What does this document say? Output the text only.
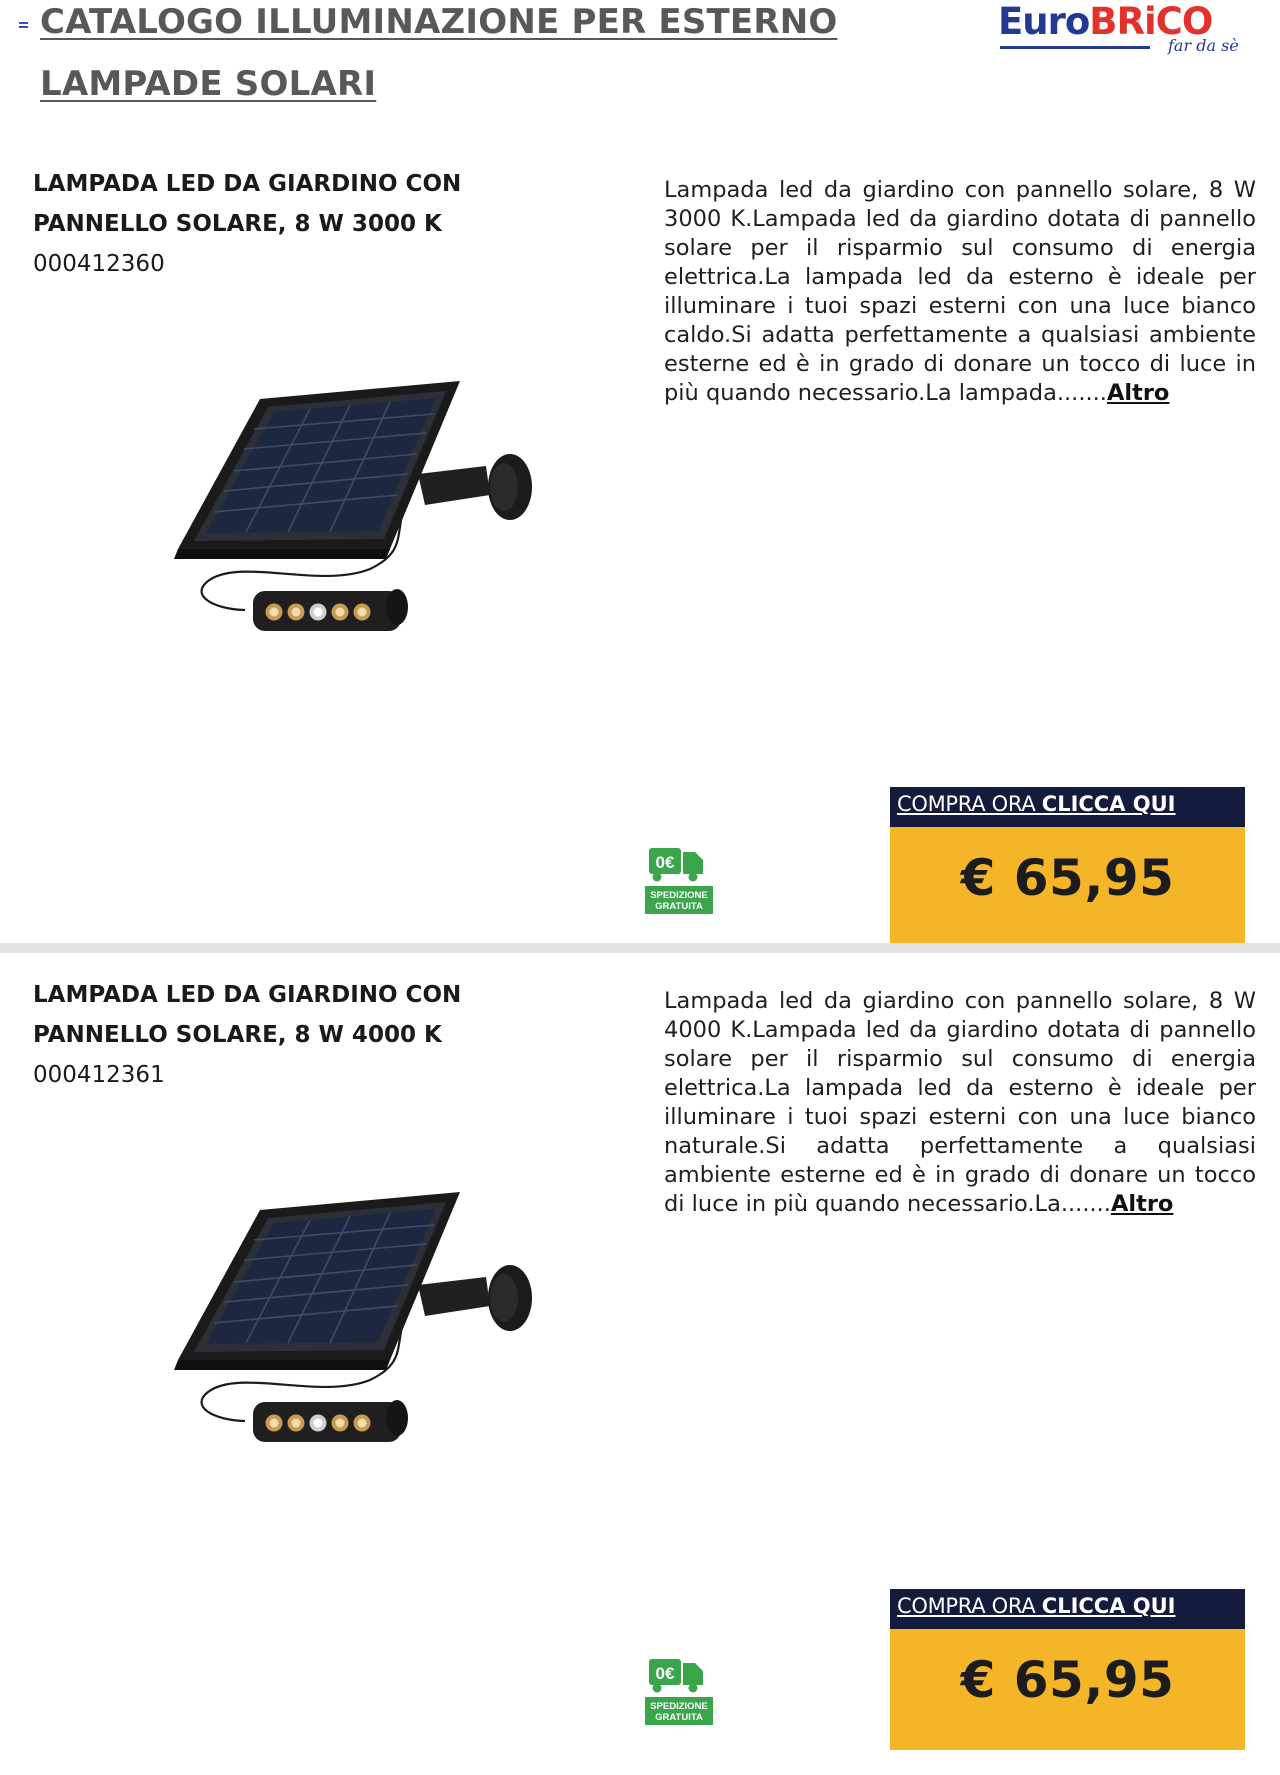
CATALOGO ILLUMINAZIONE PER ESTERNO
LAMPADE SOLARI
EuroBRiCO
far da sè
LAMPADA LED DA GIARDINO CON PANNELLO SOLARE, 8 W 3000 K
000412360

Lampada led da giardino con pannello solare, 8 W 3000 K.Lampada led da giardino dotata di pannello solare per il risparmio sul consumo di energia elettrica.La lampada led da esterno è ideale per illuminare i tuoi spazi esterni con una luce bianco caldo.Si adatta perfettamente a qualsiasi ambiente esterne ed è in grado di donare un tocco di luce in più quando necessario.La lampada.......Altro

0€
SPEDIZIONE
GRATUITA
COMPRA ORA CLICCA QUI
€ 65,95
LAMPADA LED DA GIARDINO CON PANNELLO SOLARE, 8 W 4000 K
000412361

Lampada led da giardino con pannello solare, 8 W 4000 K.Lampada led da giardino dotata di pannello solare per il risparmio sul consumo di energia elettrica.La lampada led da esterno è ideale per illuminare i tuoi spazi esterni con una luce bianco naturale.Si adatta perfettamente a qualsiasi ambiente esterne ed è in grado di donare un tocco di luce in più quando necessario.La.......Altro

0€
SPEDIZIONE
GRATUITA
COMPRA ORA CLICCA QUI
€ 65,95
